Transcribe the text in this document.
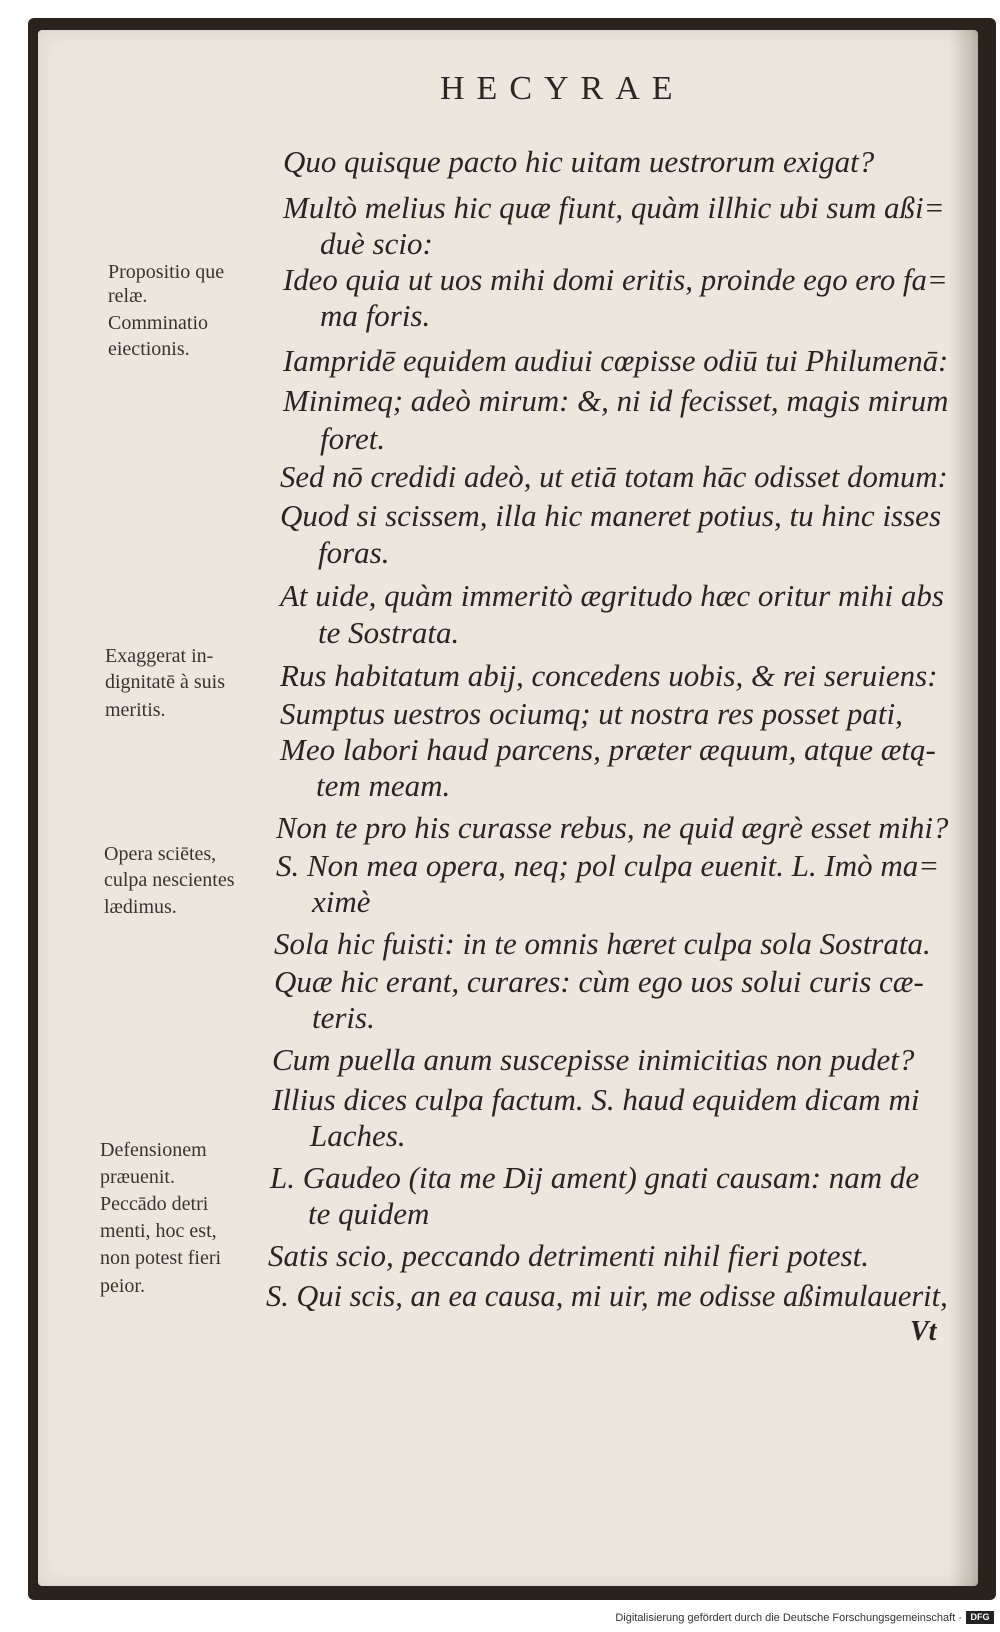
HECYRAE
Quo quisque pacto hic uitam uestrorum exigat?
Multò melius hic quæ fiunt, quàm illhic ubi sum aßi=
duè scio:
Ideo quia ut uos mihi domi eritis, proinde ego ero fa=
ma foris.
Iampridē equidem audiui cœpisse odiū tui Philumenā:
Minimeq; adeò mirum: &, ni id fecisset, magis mirum
foret.
Sed nō credidi adeò, ut etiā totam hāc odisset domum:
Quod si scissem, illa hic maneret potius, tu hinc isses
foras.
At uide, quàm immeritò ægritudo hæc oritur mihi abs
te Sostrata.
Rus habitatum abij, concedens uobis, & rei seruiens:
Sumptus uestros ociumq; ut nostra res posset pati,
Meo labori haud parcens, præter æquum, atque ætą-
tem meam.
Non te pro his curasse rebus, ne quid ægrè esset mihi?
S. Non mea opera, neq; pol culpa euenit. L. Imò ma=
ximè
Sola hic fuisti: in te omnis hæret culpa sola Sostrata.
Quæ hic erant, curares: cùm ego uos solui curis cæ-
teris.
Cum puella anum suscepisse inimicitias non pudet?
Illius dices culpa factum. S. haud equidem dicam mi
Laches.
L. Gaudeo (ita me Dij ament) gnati causam: nam de
te quidem
Satis scio, peccando detrimenti nihil fieri potest.
S. Qui scis, an ea causa, mi uir, me odisse aßimulauerit,
Propositio que
relæ.
Comminatio
eiectionis.
Exaggerat in-
dignitatē à suis
meritis.
Opera sciētes,
culpa nescientes
lædimus.
Defensionem
præuenit.
Peccādo detri
menti, hoc est,
non potest fieri
peior.
Vt
Digitalisierung gefördert durch die Deutsche Forschungsgemeinschaft · DFG
